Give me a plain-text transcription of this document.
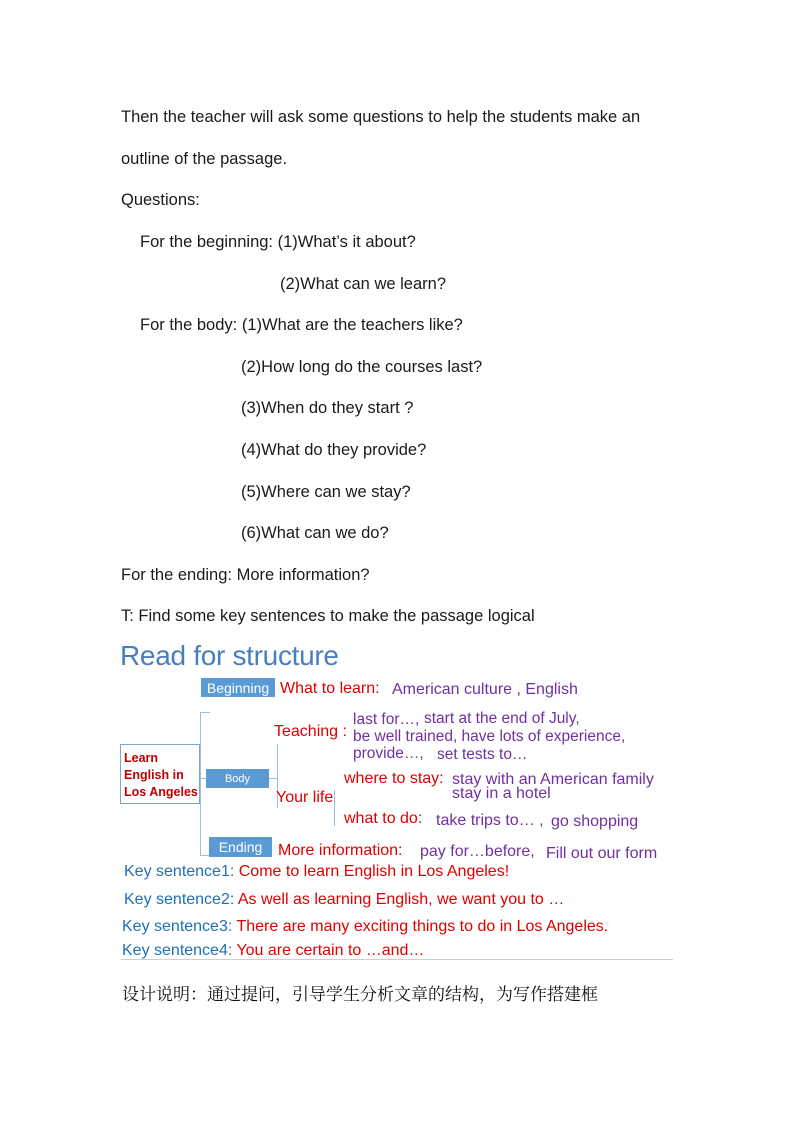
Then the teacher will ask some questions to help the students make an
outline of the passage.
Questions:
For the beginning: (1)What’s it about?
(2)What can we learn?
For the body: (1)What are the teachers like?
(2)How long do the courses last?
(3)When do they start ?
(4)What do they provide?
(5)Where can we stay?
(6)What can we do?
For the ending: More information?
T: Find some key sentences to make the passage logical
Read for structure
Learn English in Los Angeles
Beginning
Body
Ending
What to learn: American culture , English
Teaching :
last for…, start at the end of July,
be well trained, have lots of experience,
provide…, set tests to…
Your life
where to stay: stay with an American family
stay in a hotel
what to do: take trips to… , go shopping
More information: pay for…before, Fill out our form
Key sentence1: Come to learn English in Los Angeles!
Key sentence2: As well as learning English, we want you to …
Key sentence3: There are many exciting things to do in Los Angeles.
Key sentence4: You are certain to …and…
设计说明：通过提问，引导学生分析文章的结构，为写作搭建框
